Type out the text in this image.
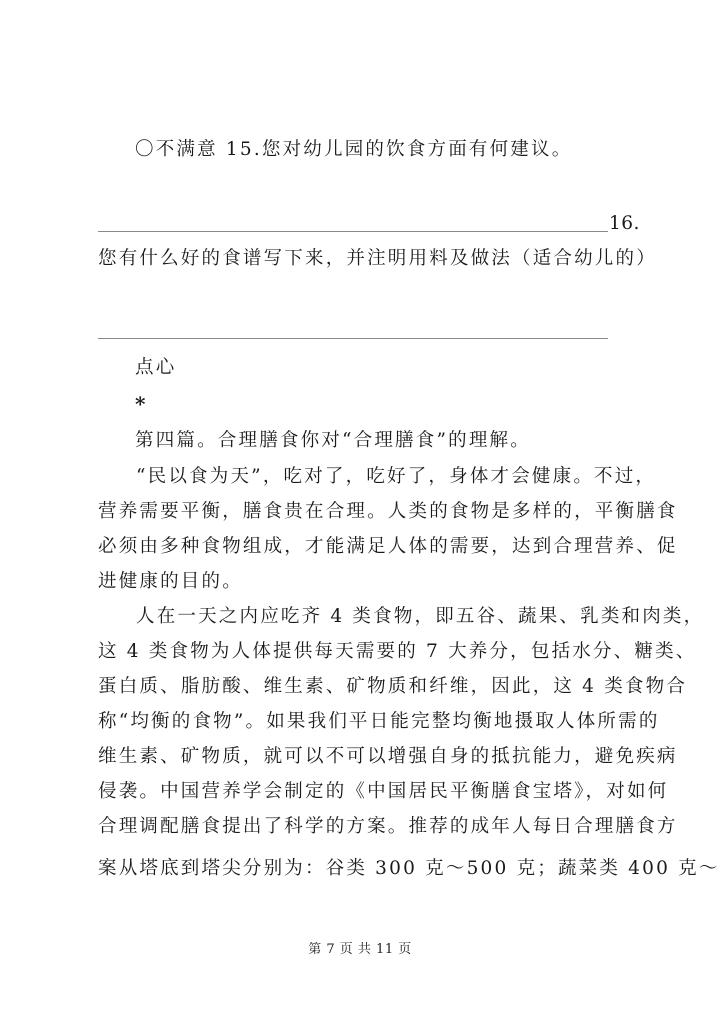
〇不满意 15.您对幼儿园的饮食方面有何建议。
16.
您有什么好的食谱写下来，并注明用料及做法（适合幼儿的）
点心
*
第四篇。合理膳食你对“合理膳食”的理解。
“民以食为天”，吃对了，吃好了，身体才会健康。不过，
营养需要平衡，膳食贵在合理。人类的食物是多样的，平衡膳食
必须由多种食物组成，才能满足人体的需要，达到合理营养、促
进健康的目的。
人在一天之内应吃齐 4 类食物，即五谷、蔬果、乳类和肉类，
这 4 类食物为人体提供每天需要的 7 大养分，包括水分、糖类、
蛋白质、脂肪酸、维生素、矿物质和纤维，因此，这 4 类食物合
称“均衡的食物”。如果我们平日能完整均衡地摄取人体所需的
维生素、矿物质，就可以不可以增强自身的抵抗能力，避免疾病
侵袭。中国营养学会制定的《中国居民平衡膳食宝塔》，对如何
合理调配膳食提出了科学的方案。推荐的成年人每日合理膳食方
案从塔底到塔尖分别为：谷类 300 克～500 克；蔬菜类 400 克～
第 7 页 共 11 页
